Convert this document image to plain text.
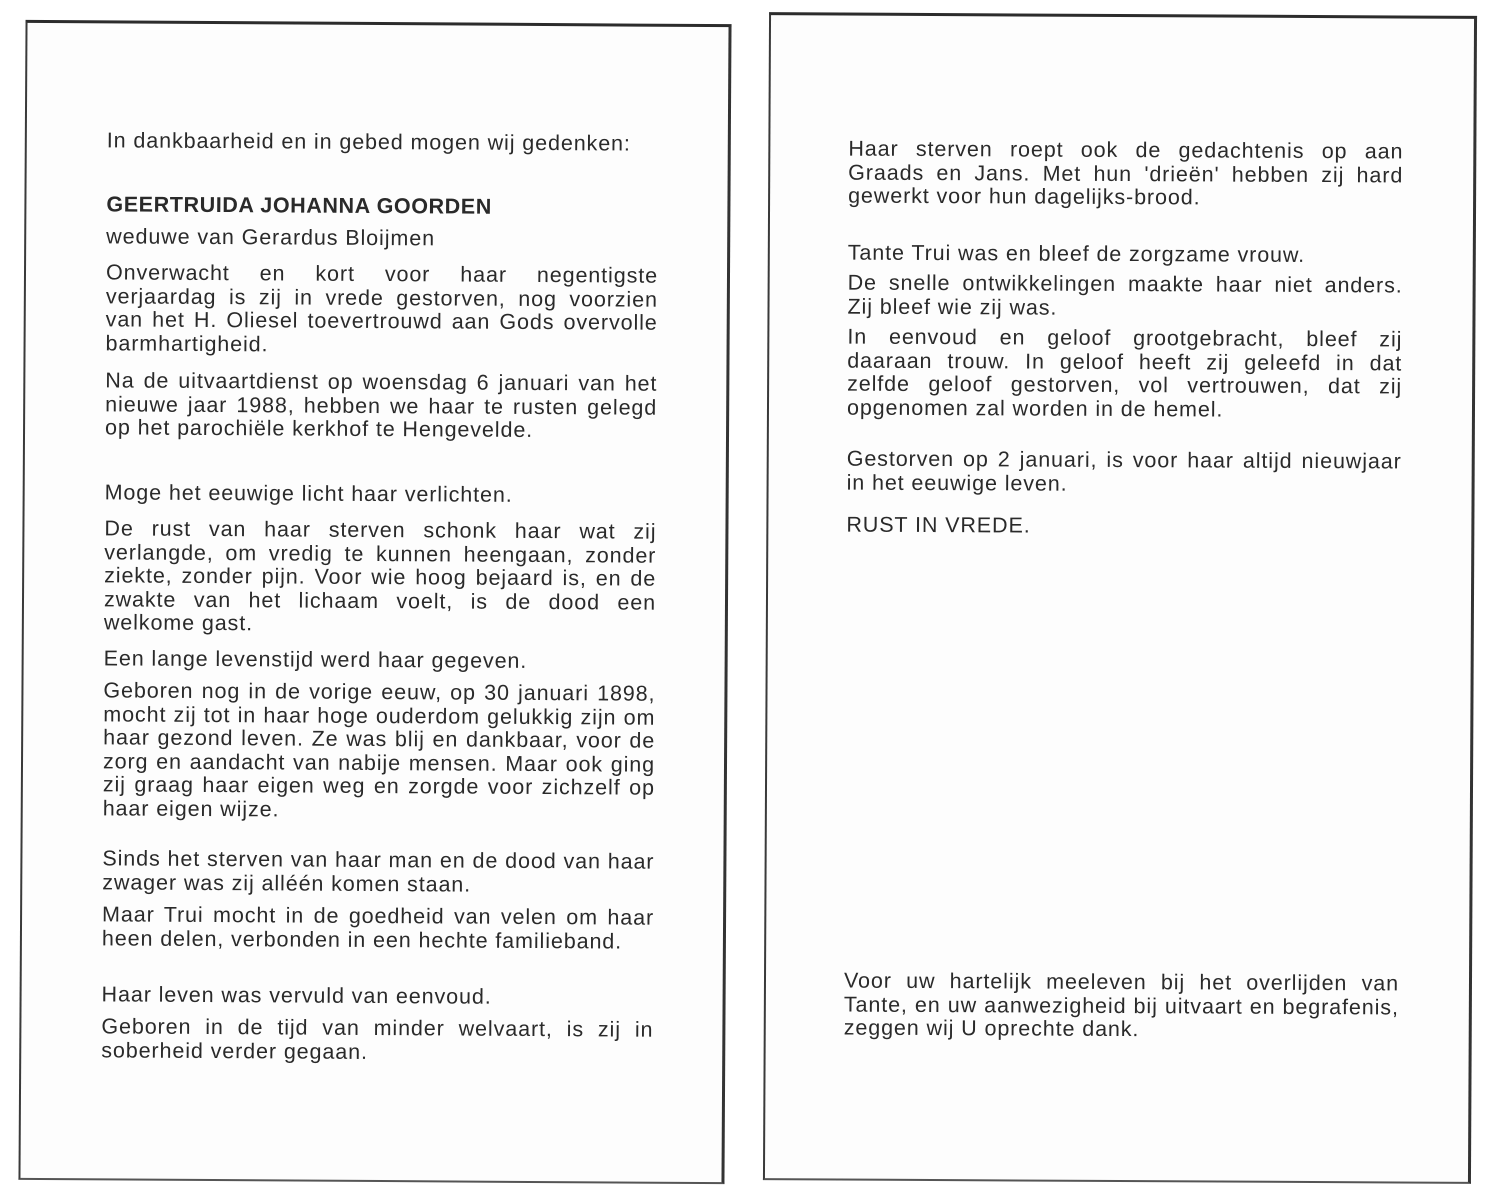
In dankbaarheid en in gebed mogen wij gedenken:

GEERTRUIDA JOHANNA GOORDEN

weduwe van Gerardus Bloijmen

Onverwacht en kort voor haar negentigste verjaardag is zij in vrede gestorven, nog voorzien van het H. Oliesel toevertrouwd aan Gods overvolle barmhartigheid.

Na de uitvaartdienst op woensdag 6 januari van het nieuwe jaar 1988, hebben we haar te rusten gelegd op het parochiële kerkhof te Hengevelde.

Moge het eeuwige licht haar verlichten.

De rust van haar sterven schonk haar wat zij verlangde, om vredig te kunnen heengaan, zonder ziekte, zonder pijn. Voor wie hoog bejaard is, en de zwakte van het lichaam voelt, is de dood een welkome gast.

Een lange levenstijd werd haar gegeven.

Geboren nog in de vorige eeuw, op 30 januari 1898, mocht zij tot in haar hoge ouderdom gelukkig zijn om haar gezond leven. Ze was blij en dankbaar, voor de zorg en aandacht van nabije mensen. Maar ook ging zij graag haar eigen weg en zorgde voor zichzelf op haar eigen wijze.

Sinds het sterven van haar man en de dood van haar zwager was zij alléén komen staan.

Maar Trui mocht in de goedheid van velen om haar heen delen, verbonden in een hechte familieband.

Haar leven was vervuld van eenvoud.

Geboren in de tijd van minder welvaart, is zij in soberheid verder gegaan.

Haar sterven roept ook de gedachtenis op aan Graads en Jans. Met hun 'drieën' hebben zij hard gewerkt voor hun dagelijks-brood.

Tante Trui was en bleef de zorgzame vrouw.

De snelle ontwikkelingen maakte haar niet anders. Zij bleef wie zij was.

In eenvoud en geloof grootgebracht, bleef zij daaraan trouw. In geloof heeft zij geleefd in dat zelfde geloof gestorven, vol vertrouwen, dat zij opgenomen zal worden in de hemel.

Gestorven op 2 januari, is voor haar altijd nieuwjaar in het eeuwige leven.

RUST IN VREDE.

Voor uw hartelijk meeleven bij het overlijden van Tante, en uw aanwezigheid bij uitvaart en begrafenis, zeggen wij U oprechte dank.
